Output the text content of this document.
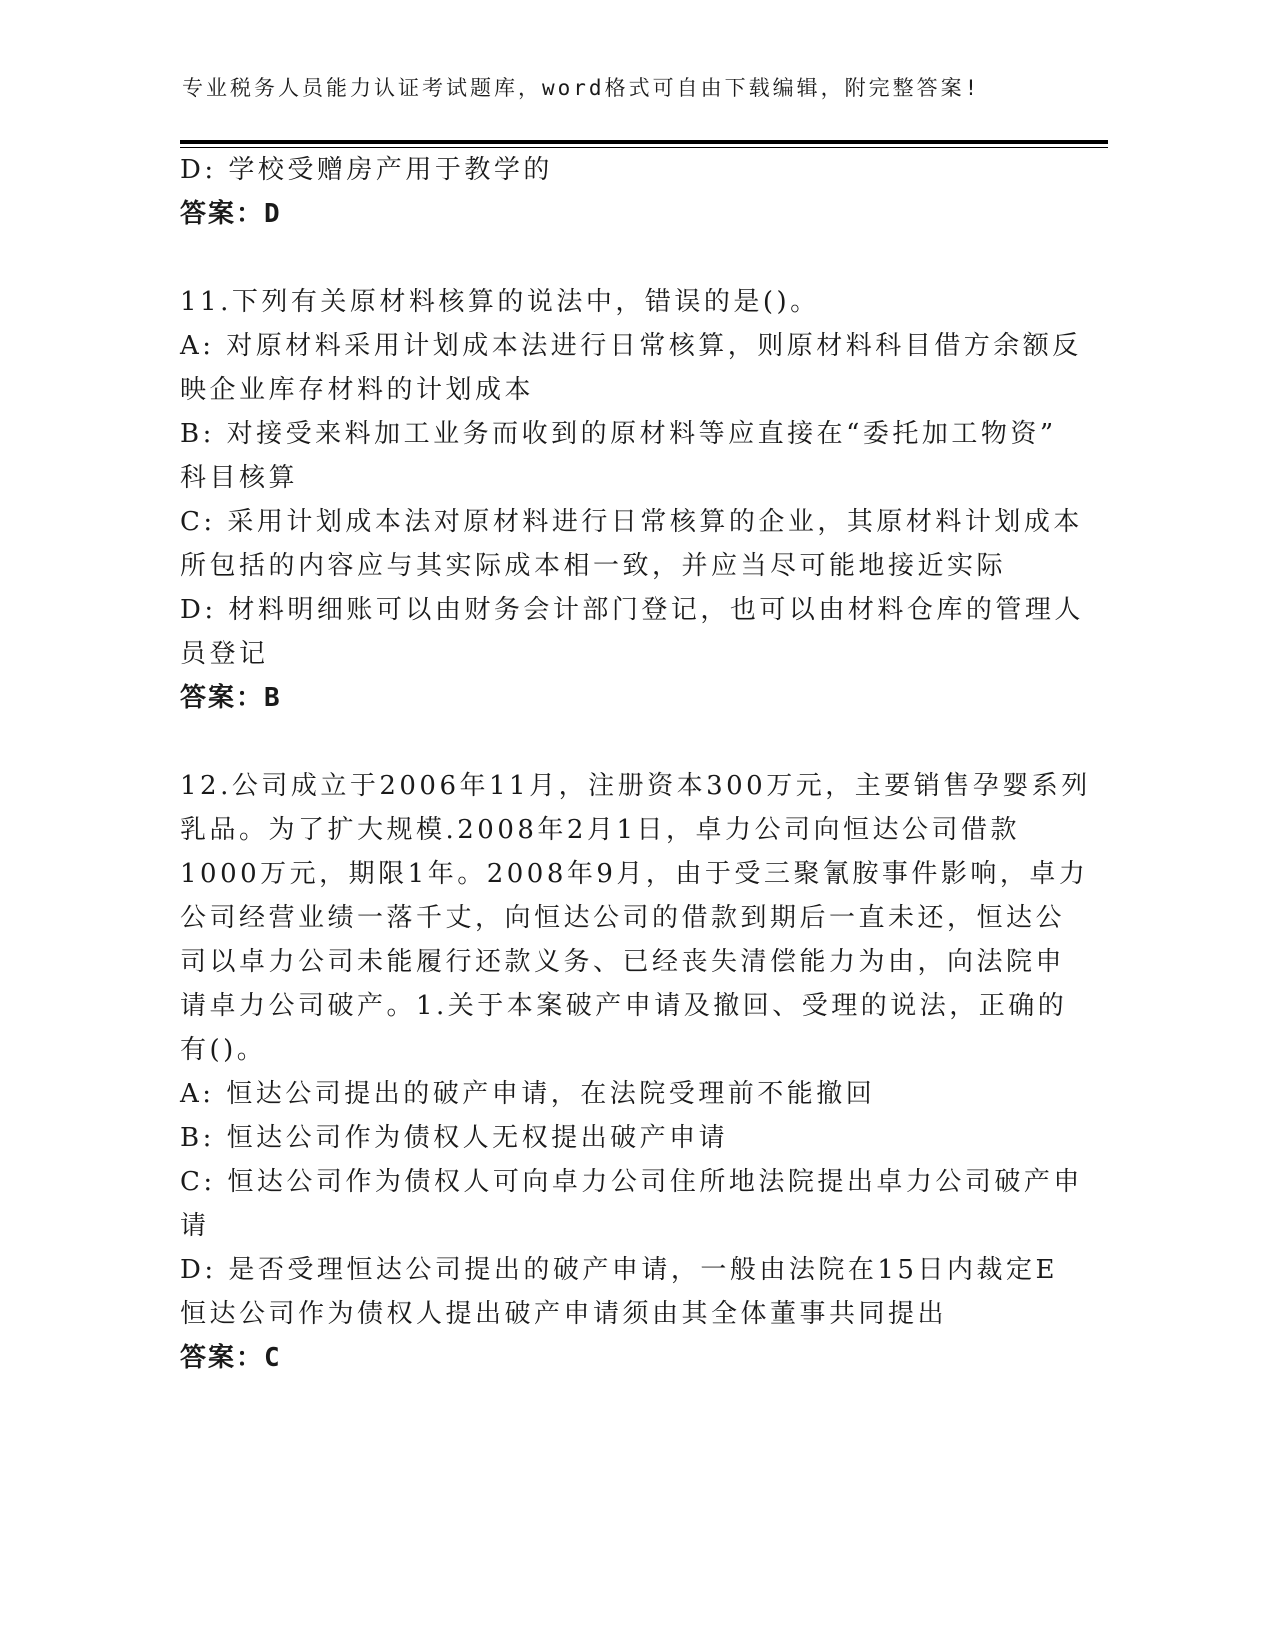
专业税务人员能力认证考试题库，word格式可自由下载编辑，附完整答案!
D: 学校受赠房产用于教学的
答案：D
11.下列有关原材料核算的说法中，错误的是()。
A: 对原材料采用计划成本法进行日常核算，则原材料科目借方余额反
映企业库存材料的计划成本
B: 对接受来料加工业务而收到的原材料等应直接在“委托加工物资”
科目核算
C: 采用计划成本法对原材料进行日常核算的企业，其原材料计划成本
所包括的内容应与其实际成本相一致，并应当尽可能地接近实际
D: 材料明细账可以由财务会计部门登记，也可以由材料仓库的管理人
员登记
答案：B
12.公司成立于2006年11月，注册资本300万元，主要销售孕婴系列
乳品。为了扩大规模.2008年2月1日，卓力公司向恒达公司借款
1000万元，期限1年。2008年9月，由于受三聚氰胺事件影响，卓力
公司经营业绩一落千丈，向恒达公司的借款到期后一直未还，恒达公
司以卓力公司未能履行还款义务、已经丧失清偿能力为由，向法院申
请卓力公司破产。1.关于本案破产申请及撤回、受理的说法，正确的
有()。
A: 恒达公司提出的破产申请，在法院受理前不能撤回
B: 恒达公司作为债权人无权提出破产申请
C: 恒达公司作为债权人可向卓力公司住所地法院提出卓力公司破产申
请
D: 是否受理恒达公司提出的破产申请，一般由法院在15日内裁定E
恒达公司作为债权人提出破产申请须由其全体董事共同提出
答案：C
